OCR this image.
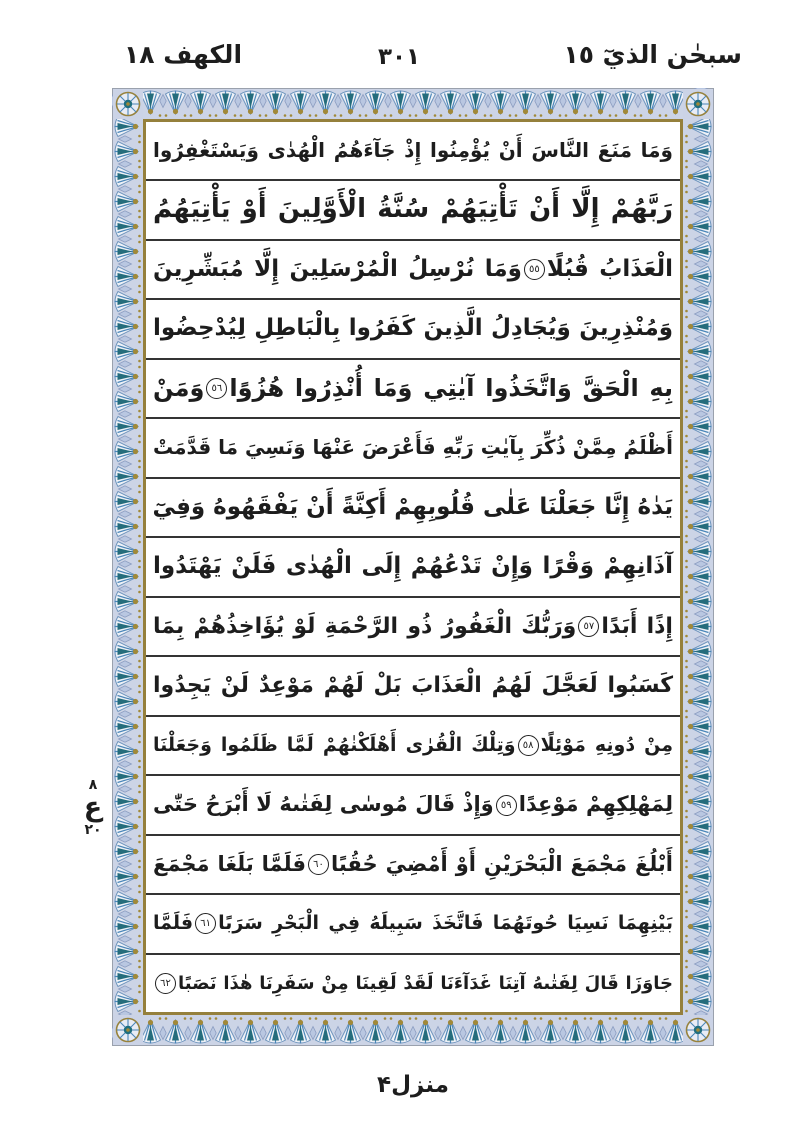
الكهف ١٨	٣٠١	سبحٰن الذيٓ ١٥
وَمَا مَنَعَ النَّاسَ أَنْ يُؤْمِنُوا إِذْ جَآءَهُمُ الْهُدٰى وَيَسْتَغْفِرُوا
رَبَّهُمْ إِلَّا أَنْ تَأْتِيَهُمْ سُنَّةُ الْأَوَّلِينَ أَوْ يَأْتِيَهُمُ
الْعَذَابُ قُبُلًا٥٥وَمَا نُرْسِلُ الْمُرْسَلِينَ إِلَّا مُبَشِّرِينَ
وَمُنْذِرِينَ وَيُجَادِلُ الَّذِينَ كَفَرُوا بِالْبَاطِلِ لِيُدْحِضُوا
بِهِ الْحَقَّ وَاتَّخَذُوا آيٰتِي وَمَا أُنْذِرُوا هُزُوًا٥٦وَمَنْ
أَظْلَمُ مِمَّنْ ذُكِّرَ بِآيٰتِ رَبِّهِ فَأَعْرَضَ عَنْهَا وَنَسِيَ مَا قَدَّمَتْ
يَدٰهُ إِنَّا جَعَلْنَا عَلٰى قُلُوبِهِمْ أَكِنَّةً أَنْ يَفْقَهُوهُ وَفِيٓ
آذَانِهِمْ وَقْرًا وَإِنْ تَدْعُهُمْ إِلَى الْهُدٰى فَلَنْ يَهْتَدُوا
إِذًا أَبَدًا٥٧وَرَبُّكَ الْغَفُورُ ذُو الرَّحْمَةِ لَوْ يُؤَاخِذُهُمْ بِمَا
كَسَبُوا لَعَجَّلَ لَهُمُ الْعَذَابَ بَلْ لَهُمْ مَوْعِدٌ لَنْ يَجِدُوا
مِنْ دُونِهِ مَوْئِلًا٥٨وَتِلْكَ الْقُرٰى أَهْلَكْنٰهُمْ لَمَّا ظَلَمُوا وَجَعَلْنَا
لِمَهْلِكِهِمْ مَوْعِدًا٥٩وَإِذْ قَالَ مُوسٰى لِفَتٰىهُ لَا أَبْرَحُ حَتّٰى
أَبْلُغَ مَجْمَعَ الْبَحْرَيْنِ أَوْ أَمْضِيَ حُقُبًا٦٠فَلَمَّا بَلَغَا مَجْمَعَ
بَيْنِهِمَا نَسِيَا حُوتَهُمَا فَاتَّخَذَ سَبِيلَهُ فِي الْبَحْرِ سَرَبًا٦١فَلَمَّا
جَاوَزَا قَالَ لِفَتٰىهُ آتِنَا غَدَآءَنَا لَقَدْ لَقِينَا مِنْ سَفَرِنَا هٰذَا نَصَبًا٦٢
٨
ع
٢٠
منزل۴
